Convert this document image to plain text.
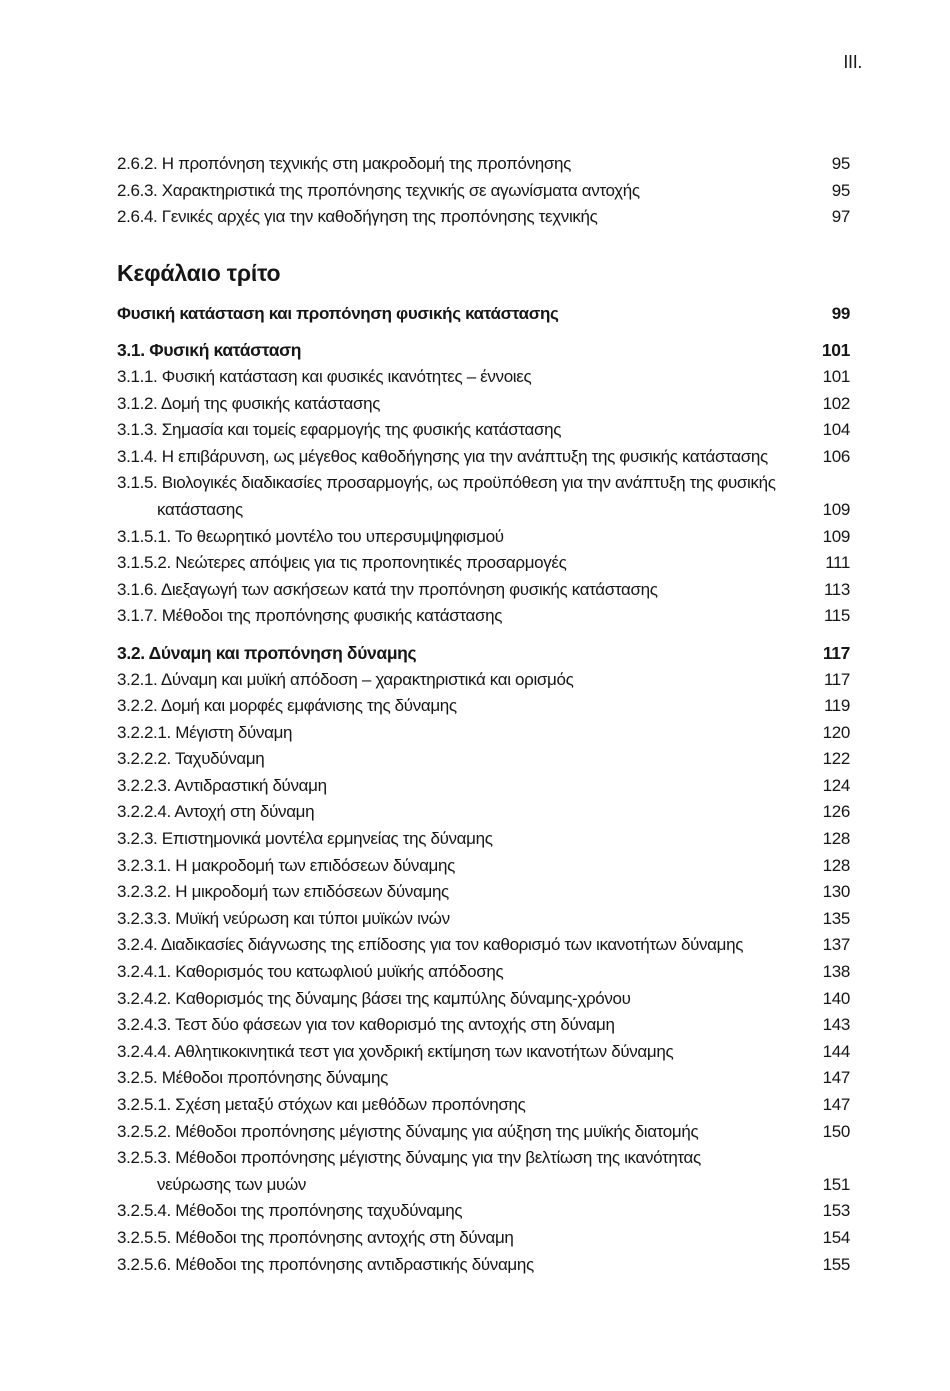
III.
2.6.2. Η προπόνηση τεχνικής στη μακροδομή της προπόνησης	95
2.6.3. Χαρακτηριστικά της προπόνησης τεχνικής σε αγωνίσματα αντοχής	95
2.6.4. Γενικές αρχές για την καθοδήγηση της προπόνησης τεχνικής	97
Κεφάλαιο τρίτο
Φυσική κατάσταση και προπόνηση φυσικής κατάστασης	99
3.1. Φυσική κατάσταση	101
3.1.1. Φυσική κατάσταση και φυσικές ικανότητες – έννοιες	101
3.1.2. Δομή της φυσικής κατάστασης	102
3.1.3. Σημασία και τομείς εφαρμογής της φυσικής κατάστασης	104
3.1.4. Η επιβάρυνση, ως μέγεθος καθοδήγησης για την ανάπτυξη της φυσικής κατάστασης	106
3.1.5. Βιολογικές διαδικασίες προσαρμογής, ως προϋπόθεση για την ανάπτυξη της φυσικής
κατάστασης	109
3.1.5.1. Το θεωρητικό μοντέλο του υπερσυμψηφισμού	109
3.1.5.2. Νεώτερες απόψεις για τις προπονητικές προσαρμογές	111
3.1.6. Διεξαγωγή των ασκήσεων κατά την προπόνηση φυσικής κατάστασης	113
3.1.7. Μέθοδοι της προπόνησης φυσικής κατάστασης	115
3.2. Δύναμη και προπόνηση δύναμης	117
3.2.1. Δύναμη και μυϊκή απόδοση – χαρακτηριστικά και ορισμός	117
3.2.2. Δομή και μορφές εμφάνισης της δύναμης	119
3.2.2.1. Μέγιστη δύναμη	120
3.2.2.2. Ταχυδύναμη	122
3.2.2.3. Αντιδραστική δύναμη	124
3.2.2.4. Αντοχή στη δύναμη	126
3.2.3. Επιστημονικά μοντέλα ερμηνείας της δύναμης	128
3.2.3.1. Η μακροδομή των επιδόσεων δύναμης	128
3.2.3.2. Η μικροδομή των επιδόσεων δύναμης	130
3.2.3.3. Μυϊκή νεύρωση και τύποι μυϊκών ινών	135
3.2.4. Διαδικασίες διάγνωσης της επίδοσης για τον καθορισμό των ικανοτήτων δύναμης	137
3.2.4.1. Καθορισμός του κατωφλιού μυϊκής απόδοσης	138
3.2.4.2. Καθορισμός της δύναμης βάσει της καμπύλης δύναμης-χρόνου	140
3.2.4.3. Τεστ δύο φάσεων για τον καθορισμό της αντοχής στη δύναμη	143
3.2.4.4. Αθλητικοκινητικά τεστ για χονδρική εκτίμηση των ικανοτήτων δύναμης	144
3.2.5. Μέθοδοι προπόνησης δύναμης	147
3.2.5.1. Σχέση μεταξύ στόχων και μεθόδων προπόνησης	147
3.2.5.2. Μέθοδοι προπόνησης μέγιστης δύναμης για αύξηση της μυϊκής διατομής	150
3.2.5.3. Μέθοδοι προπόνησης μέγιστης δύναμης για την βελτίωση της ικανότητας
νεύρωσης των μυών	151
3.2.5.4. Μέθοδοι της προπόνησης ταχυδύναμης	153
3.2.5.5. Μέθοδοι της προπόνησης αντοχής στη δύναμη	154
3.2.5.6. Μέθοδοι της προπόνησης αντιδραστικής δύναμης	155
